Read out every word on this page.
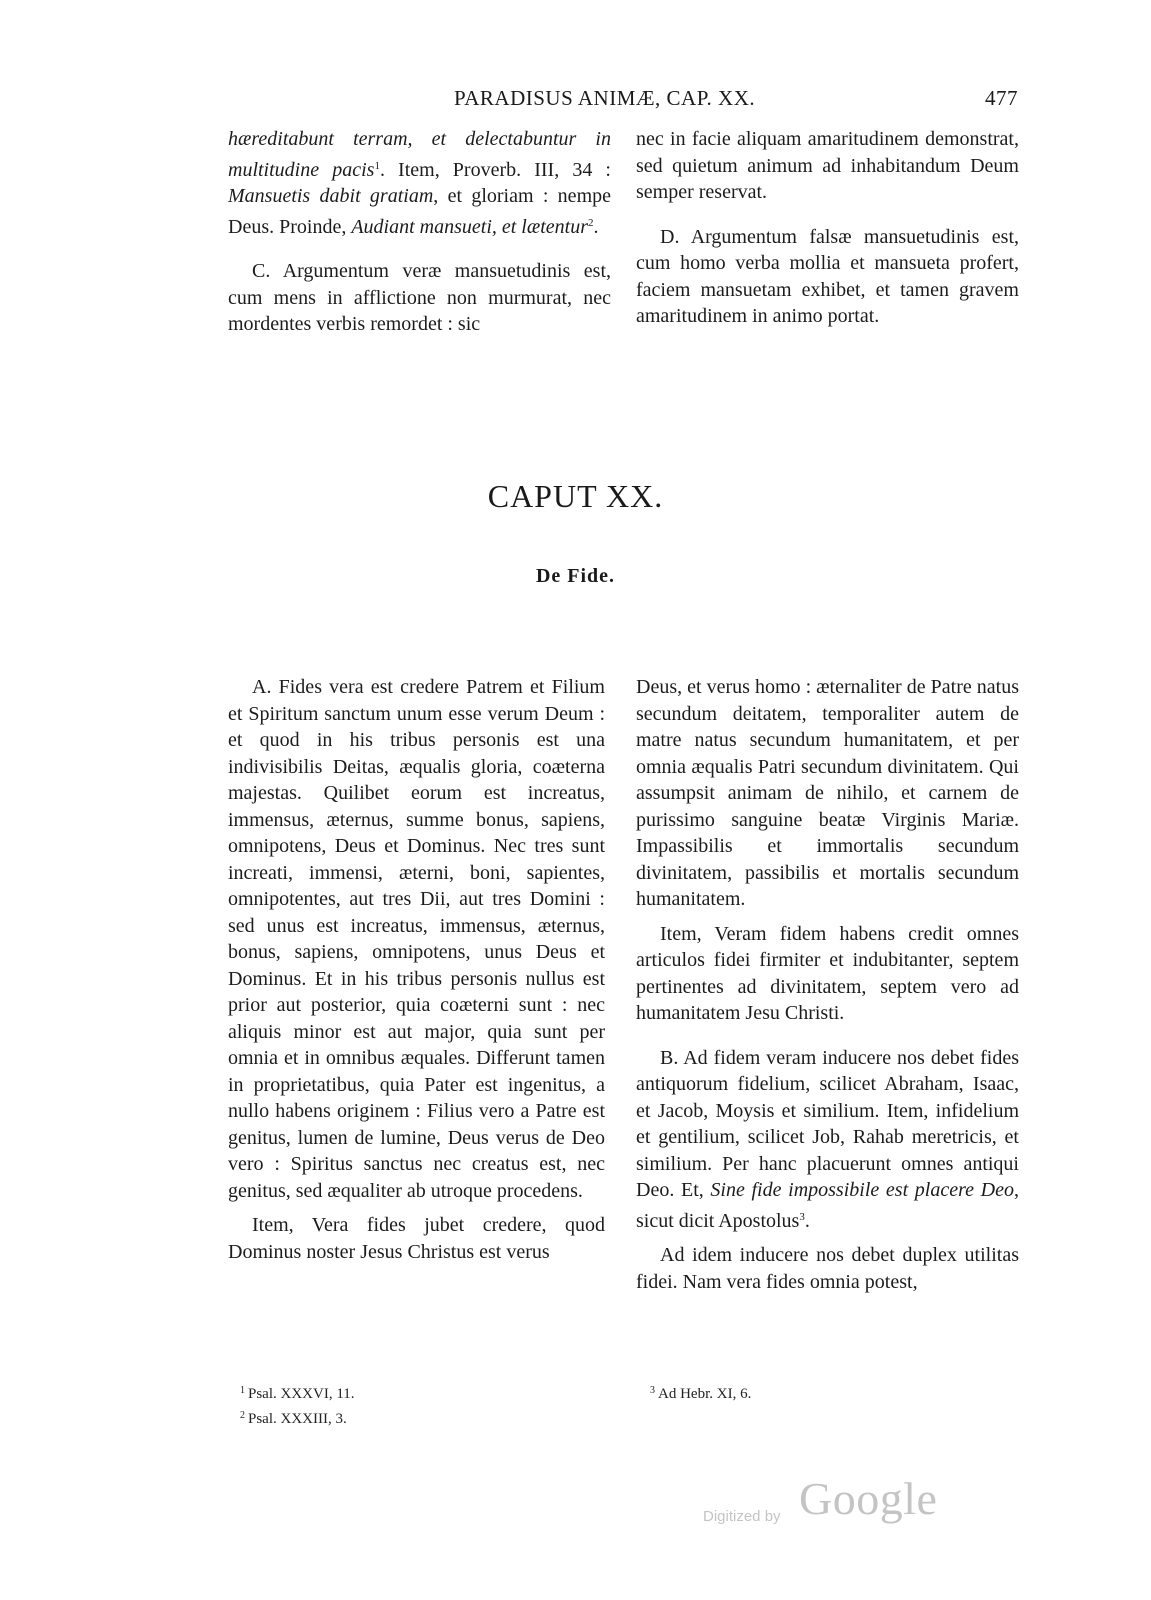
PARADISUS ANIMÆ, CAP. XX.	477

hæreditabunt terram, et delectabuntur in multitudine pacis$^1$. Item, Proverb. III, 34 : Mansuetis dabit gratiam, et gloriam : nempe Deus. Proinde, Audiant mansueti, et lætentur$^2$.

C. Argumentum veræ mansuetudinis est, cum mens in afflictione non murmurat, nec mordentes verbis remordet : sic

nec in facie aliquam amaritudinem demonstrat, sed quietum animum ad inhabitandum Deum semper reservat.

D. Argumentum falsæ mansuetudinis est, cum homo verba mollia et mansueta profert, faciem mansuetam exhibet, et tamen gravem amaritudinem in animo portat.

CAPUT XX.
De Fide.

A. Fides vera est credere Patrem et Filium et Spiritum sanctum unum esse verum Deum : et quod in his tribus personis est una indivisibilis Deitas, æqualis gloria, coæterna majestas. Quilibet eorum est increatus, immensus, æternus, summe bonus, sapiens, omnipotens, Deus et Dominus. Nec tres sunt increati, immensi, æterni, boni, sapientes, omnipotentes, aut tres Dii, aut tres Domini : sed unus est increatus, immensus, æternus, bonus, sapiens, omnipotens, unus Deus et Dominus. Et in his tribus personis nullus est prior aut posterior, quia coæterni sunt : nec aliquis minor est aut major, quia sunt per omnia et in omnibus æquales. Differunt tamen in proprietatibus, quia Pater est ingenitus, a nullo habens originem : Filius vero a Patre est genitus, lumen de lumine, Deus verus de Deo vero : Spiritus sanctus nec creatus est, nec genitus, sed æqualiter ab utroque procedens.

Item, Vera fides jubet credere, quod Dominus noster Jesus Christus est verus

Deus, et verus homo : æternaliter de Patre natus secundum deitatem, temporaliter autem de matre natus secundum humanitatem, et per omnia æqualis Patri secundum divinitatem. Qui assumpsit animam de nihilo, et carnem de purissimo sanguine beatæ Virginis Mariæ. Impassibilis et immortalis secundum divinitatem, passibilis et mortalis secundum humanitatem.

Item, Veram fidem habens credit omnes articulos fidei firmiter et indubitanter, septem pertinentes ad divinitatem, septem vero ad humanitatem Jesu Christi.

B. Ad fidem veram inducere nos debet fides antiquorum fidelium, scilicet Abraham, Isaac, et Jacob, Moysis et similium. Item, infidelium et gentilium, scilicet Job, Rahab meretricis, et similium. Per hanc placuerunt omnes antiqui Deo. Et, Sine fide impossibile est placere Deo, sicut dicit Apostolus$^3$.

Ad idem inducere nos debet duplex utilitas fidei. Nam vera fides omnia potest,

$^1$ Psal. XXXVI, 11.
$^2$ Psal. XXXIII, 3.
$^3$ Ad Hebr. XI, 6.
Digitized by Google
